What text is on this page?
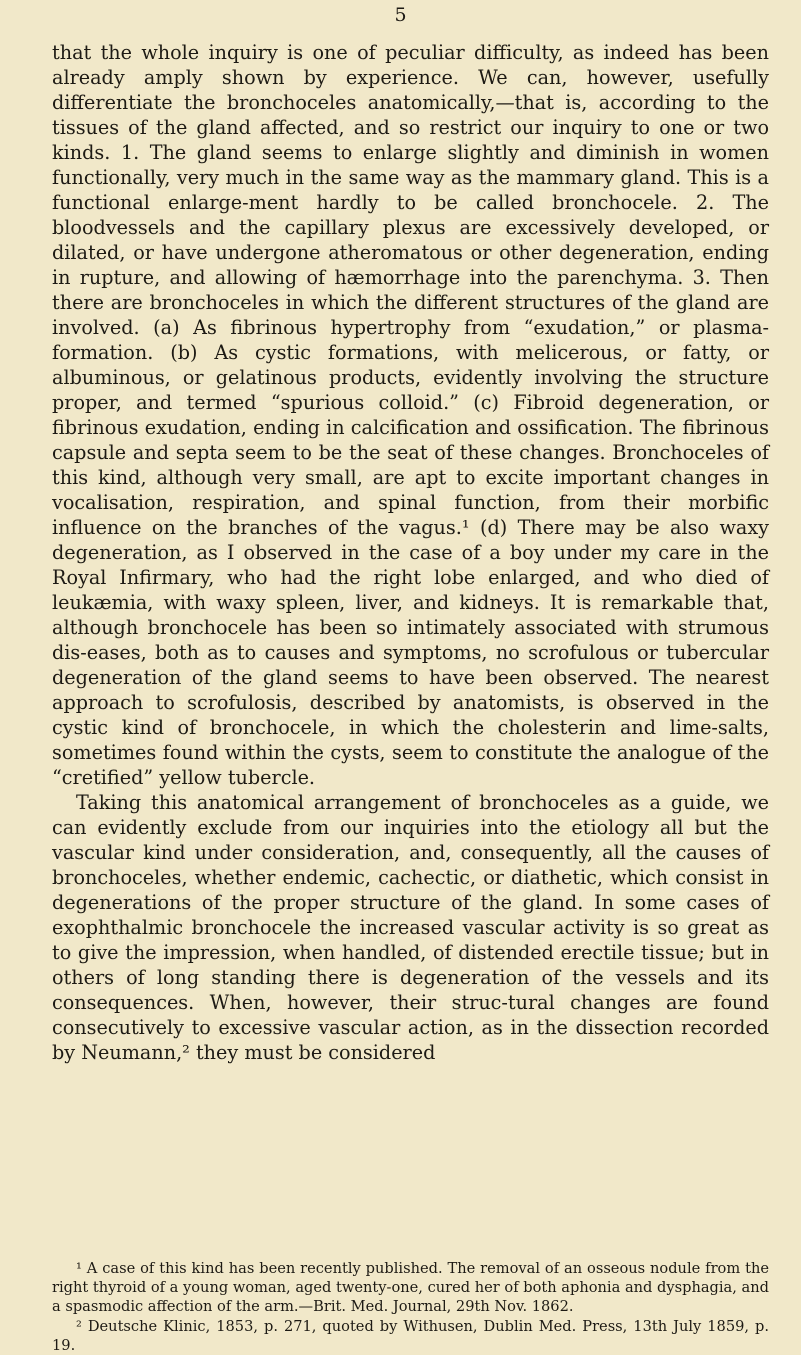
5

that the whole inquiry is one of peculiar difficulty, as indeed has been already amply shown by experience. We can, however, usefully differentiate the bronchoceles anatomically,—that is, according to the tissues of the gland affected, and so restrict our inquiry to one or two kinds. 1. The gland seems to enlarge slightly and diminish in women functionally, very much in the same way as the mammary gland. This is a functional enlarge-ment hardly to be called bronchocele. 2. The bloodvessels and the capillary plexus are excessively developed, or dilated, or have undergone atheromatous or other degeneration, ending in rupture, and allowing of hæmorrhage into the parenchyma. 3. Then there are bronchoceles in which the different structures of the gland are involved. (a) As fibrinous hypertrophy from “exudation,” or plasma-formation. (b) As cystic formations, with melicerous, or fatty, or albuminous, or gelatinous products, evidently involving the structure proper, and termed “spurious colloid.” (c) Fibroid degeneration, or fibrinous exudation, ending in calcification and ossification. The fibrinous capsule and septa seem to be the seat of these changes. Bronchoceles of this kind, although very small, are apt to excite important changes in vocalisation, respiration, and spinal function, from their morbific influence on the branches of the vagus.¹ (d) There may be also waxy degeneration, as I observed in the case of a boy under my care in the Royal Infirmary, who had the right lobe enlarged, and who died of leukæmia, with waxy spleen, liver, and kidneys. It is remarkable that, although bronchocele has been so intimately associated with strumous dis-eases, both as to causes and symptoms, no scrofulous or tubercular degeneration of the gland seems to have been observed. The nearest approach to scrofulosis, described by anatomists, is observed in the cystic kind of bronchocele, in which the cholesterin and lime-salts, sometimes found within the cysts, seem to constitute the analogue of the “cretified” yellow tubercle.

Taking this anatomical arrangement of bronchoceles as a guide, we can evidently exclude from our inquiries into the etiology all but the vascular kind under consideration, and, consequently, all the causes of bronchoceles, whether endemic, cachectic, or diathetic, which consist in degenerations of the proper structure of the gland. In some cases of exophthalmic bronchocele the increased vascular activity is so great as to give the impression, when handled, of distended erectile tissue; but in others of long standing there is degeneration of the vessels and its consequences. When, however, their struc-tural changes are found consecutively to excessive vascular action, as in the dissection recorded by Neumann,² they must be considered

¹ A case of this kind has been recently published. The removal of an osseous nodule from the right thyroid of a young woman, aged twenty-one, cured her of both aphonia and dysphagia, and a spasmodic affection of the arm.—Brit. Med. Journal, 29th Nov. 1862.

² Deutsche Klinic, 1853, p. 271, quoted by Withusen, Dublin Med. Press, 13th July 1859, p. 19.
